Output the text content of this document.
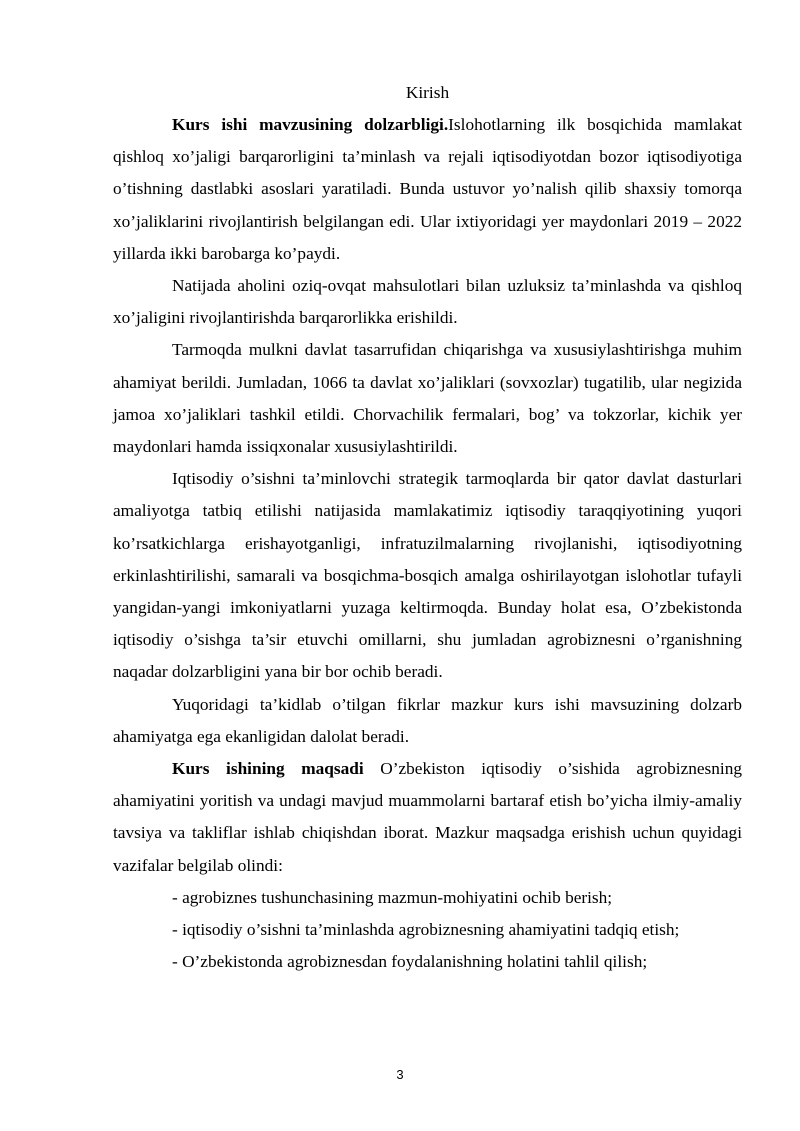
Kirish

Kurs ishi mavzusining dolzarbligi.Islohotlarning ilk bosqichida mamlakat qishloq xo’jaligi barqarorligini ta’minlash va rejali iqtisodiyotdan bozor iqtisodiyotiga o’tishning dastlabki asoslari yaratiladi. Bunda ustuvor yo’nalish qilib shaxsiy tomorqa xo’jaliklarini rivojlantirish belgilangan edi. Ular ixtiyoridagi yer maydonlari 2019 – 2022 yillarda ikki barobarga ko’paydi.

Natijada aholini oziq-ovqat mahsulotlari bilan uzluksiz ta’minlashda va qishloq xo’jaligini rivojlantirishda barqarorlikka erishildi.

Tarmoqda mulkni davlat tasarrufidan chiqarishga va xususiylashtirishga muhim ahamiyat berildi. Jumladan, 1066 ta davlat xo’jaliklari (sovxozlar) tugatilib, ular negizida jamoa xo’jaliklari tashkil etildi. Chorvachilik fermalari, bog’ va tokzorlar, kichik yer maydonlari hamda issiqxonalar xususiylashtirildi.

Iqtisodiy o’sishni ta’minlovchi strategik tarmoqlarda bir qator davlat dasturlari amaliyotga tatbiq etilishi natijasida mamlakatimiz iqtisodiy taraqqiyotining yuqori ko’rsatkichlarga erishayotganligi, infratuzilmalarning rivojlanishi, iqtisodiyotning erkinlashtirilishi, samarali va bosqichma-bosqich amalga oshirilayotgan islohotlar tufayli yangidan-yangi imkoniyatlarni yuzaga keltirmoqda. Bunday holat esa, O’zbekistonda iqtisodiy o’sishga ta’sir etuvchi omillarni, shu jumladan agrobiznesni o’rganishning naqadar dolzarbligini yana bir bor ochib beradi.

Yuqoridagi ta’kidlab o’tilgan fikrlar mazkur kurs ishi mavsuzining dolzarb ahamiyatga ega ekanligidan dalolat beradi.

Kurs ishining maqsadi O’zbekiston iqtisodiy o’sishida agrobiznesning ahamiyatini yoritish va undagi mavjud muammolarni bartaraf etish bo’yicha ilmiy-amaliy tavsiya va takliflar ishlab chiqishdan iborat. Mazkur maqsadga erishish uchun quyidagi vazifalar belgilab olindi:

- agrobiznes tushunchasining mazmun-mohiyatini ochib berish;

- iqtisodiy o’sishni ta’minlashda agrobiznesning ahamiyatini tadqiq etish;

- O’zbekistonda agrobiznesdan foydalanishning holatini tahlil qilish;

3
